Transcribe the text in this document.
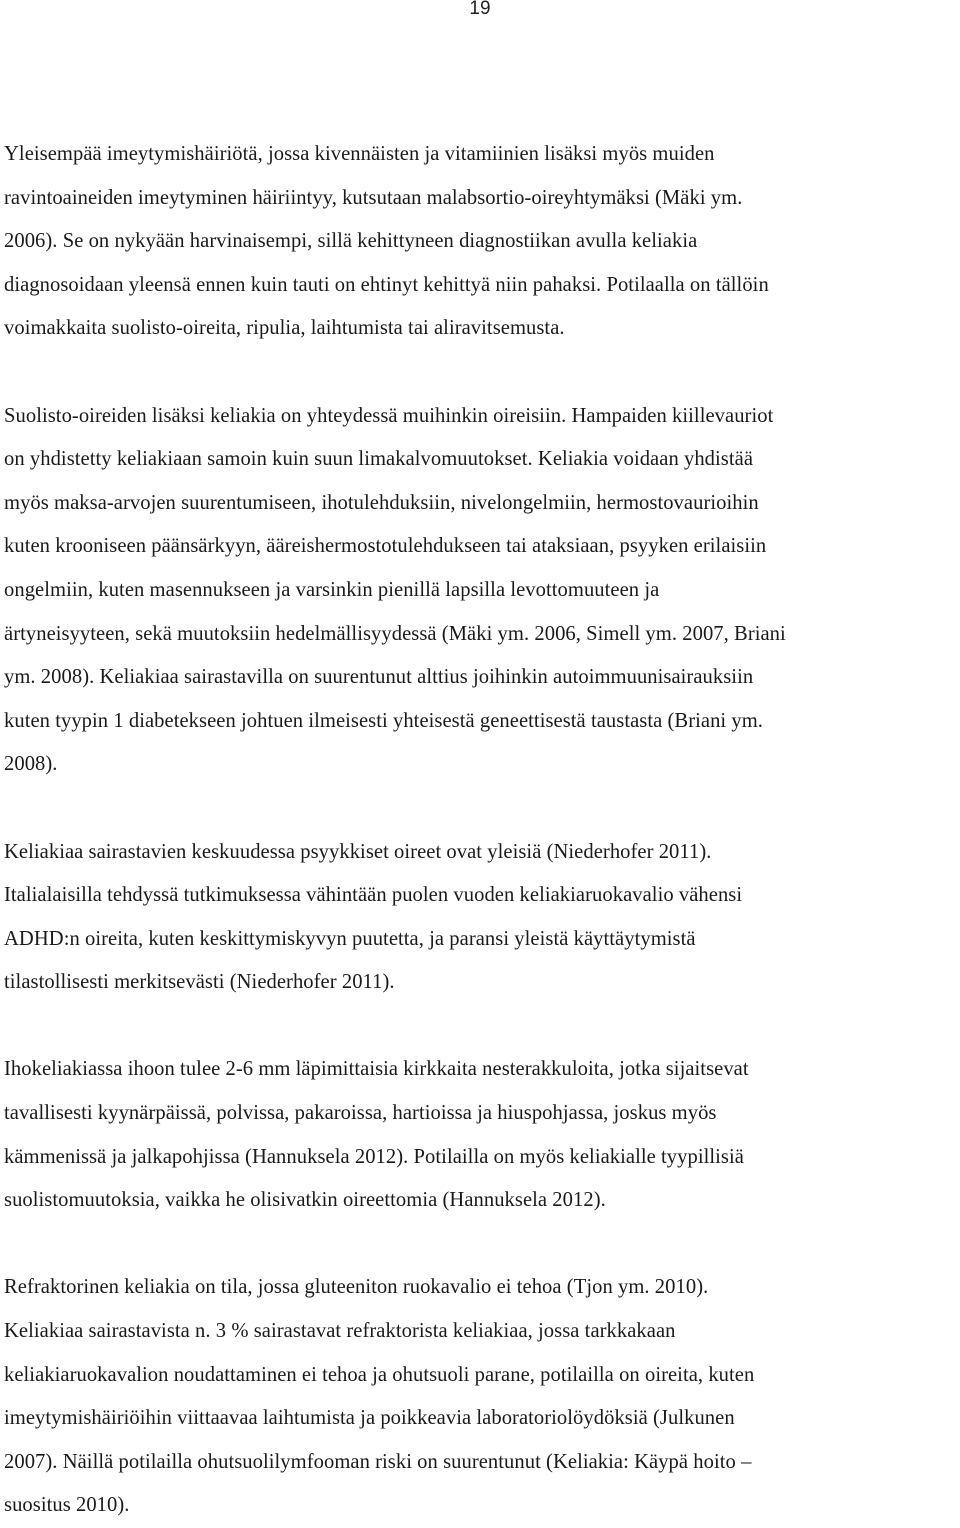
19

Yleisempää imeytymishäiriötä, jossa kivennäisten ja vitamiinien lisäksi myös muiden
ravintoaineiden imeytyminen häiriintyy, kutsutaan malabsortio-oireyhtymäksi (Mäki ym.
2006). Se on nykyään harvinaisempi, sillä kehittyneen diagnostiikan avulla keliakia
diagnosoidaan yleensä ennen kuin tauti on ehtinyt kehittyä niin pahaksi. Potilaalla on tällöin
voimakkaita suolisto-oireita, ripulia, laihtumista tai aliravitsemusta.

Suolisto-oireiden lisäksi keliakia on yhteydessä muihinkin oireisiin. Hampaiden kiillevauriot
on yhdistetty keliakiaan samoin kuin suun limakalvomuutokset. Keliakia voidaan yhdistää
myös maksa-arvojen suurentumiseen, ihotulehduksiin, nivelongelmiin, hermostovaurioihin
kuten krooniseen päänsärkyyn, ääreishermostotulehdukseen tai ataksiaan, psyyken erilaisiin
ongelmiin, kuten masennukseen ja varsinkin pienillä lapsilla levottomuuteen ja
ärtyneisyyteen, sekä muutoksiin hedelmällisyydessä (Mäki ym. 2006, Simell ym. 2007, Briani
ym. 2008). Keliakiaa sairastavilla on suurentunut alttius joihinkin autoimmuunisairauksiin
kuten tyypin 1 diabetekseen johtuen ilmeisesti yhteisestä geneettisestä taustasta (Briani ym.
2008).

Keliakiaa sairastavien keskuudessa psyykkiset oireet ovat yleisiä (Niederhofer 2011).
Italialaisilla tehdyssä tutkimuksessa vähintään puolen vuoden keliakiaruokavalio vähensi
ADHD:n oireita, kuten keskittymiskyvyn puutetta, ja paransi yleistä käyttäytymistä
tilastollisesti merkitsevästi (Niederhofer 2011).

Ihokeliakiassa ihoon tulee 2-6 mm läpimittaisia kirkkaita nesterakkuloita, jotka sijaitsevat
tavallisesti kyynärpäissä, polvissa, pakaroissa, hartioissa ja hiuspohjassa, joskus myös
kämmenissä ja jalkapohjissa (Hannuksela 2012). Potilailla on myös keliakialle tyypillisiä
suolistomuutoksia, vaikka he olisivatkin oireettomia (Hannuksela 2012).

Refraktorinen keliakia on tila, jossa gluteeniton ruokavalio ei tehoa (Tjon ym. 2010).
Keliakiaa sairastavista n. 3 % sairastavat refraktorista keliakiaa, jossa tarkkakaan
keliakiaruokavalion noudattaminen ei tehoa ja ohutsuoli parane, potilailla on oireita, kuten
imeytymishäiriöihin viittaavaa laihtumista ja poikkeavia laboratoriolöydöksiä (Julkunen
2007). Näillä potilailla ohutsuolilymfooman riski on suurentunut (Keliakia: Käypä hoito –
suositus 2010).
